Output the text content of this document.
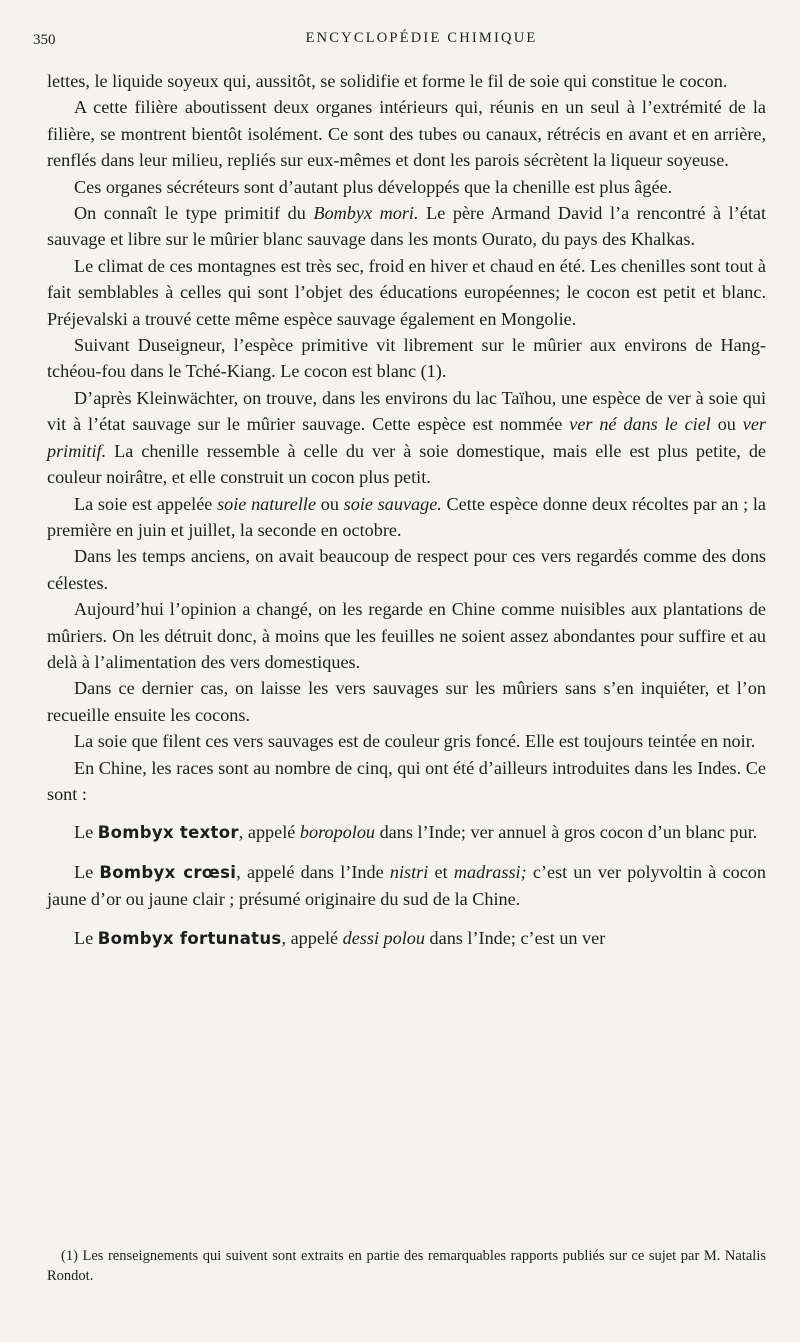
350	ENCYCLOPÉDIE CHIMIQUE

lettes, le liquide soyeux qui, aussitôt, se solidifie et forme le fil de soie qui constitue le cocon.

A cette filière aboutissent deux organes intérieurs qui, réunis en un seul à l’extrémité de la filière, se montrent bientôt isolément. Ce sont des tubes ou canaux, rétrécis en avant et en arrière, renflés dans leur milieu, repliés sur eux-mêmes et dont les parois sécrètent la liqueur soyeuse.

Ces organes sécréteurs sont d’autant plus développés que la chenille est plus âgée.

On connaît le type primitif du Bombyx mori. Le père Armand David l’a rencontré à l’état sauvage et libre sur le mûrier blanc sauvage dans les monts Ourato, du pays des Khalkas.

Le climat de ces montagnes est très sec, froid en hiver et chaud en été. Les chenilles sont tout à fait semblables à celles qui sont l’objet des éducations européennes; le cocon est petit et blanc. Préjevalski a trouvé cette même espèce sauvage également en Mongolie.

Suivant Duseigneur, l’espèce primitive vit librement sur le mûrier aux environs de Hang-tchéou-fou dans le Tché-Kiang. Le cocon est blanc (1).

D’après Kleinwächter, on trouve, dans les environs du lac Taïhou, une espèce de ver à soie qui vit à l’état sauvage sur le mûrier sauvage. Cette espèce est nommée ver né dans le ciel ou ver primitif. La chenille ressemble à celle du ver à soie domestique, mais elle est plus petite, de couleur noirâtre, et elle construit un cocon plus petit.

La soie est appelée soie naturelle ou soie sauvage. Cette espèce donne deux récoltes par an ; la première en juin et juillet, la seconde en octobre.

Dans les temps anciens, on avait beaucoup de respect pour ces vers regardés comme des dons célestes.

Aujourd’hui l’opinion a changé, on les regarde en Chine comme nuisibles aux plantations de mûriers. On les détruit donc, à moins que les feuilles ne soient assez abondantes pour suffire et au delà à l’alimentation des vers domestiques.

Dans ce dernier cas, on laisse les vers sauvages sur les mûriers sans s’en inquiéter, et l’on recueille ensuite les cocons.

La soie que filent ces vers sauvages est de couleur gris foncé. Elle est toujours teintée en noir.

En Chine, les races sont au nombre de cinq, qui ont été d’ailleurs introduites dans les Indes. Ce sont :

Le Bombyx textor, appelé boropolou dans l’Inde; ver annuel à gros cocon d’un blanc pur.

Le Bombyx crœsi, appelé dans l’Inde nistri et madrassi; c’est un ver polyvoltin à cocon jaune d’or ou jaune clair ; présumé originaire du sud de la Chine.

Le Bombyx fortunatus, appelé dessi polou dans l’Inde; c’est un ver

(1) Les renseignements qui suivent sont extraits en partie des remarquables rapports publiés sur ce sujet par M. Natalis Rondot.
